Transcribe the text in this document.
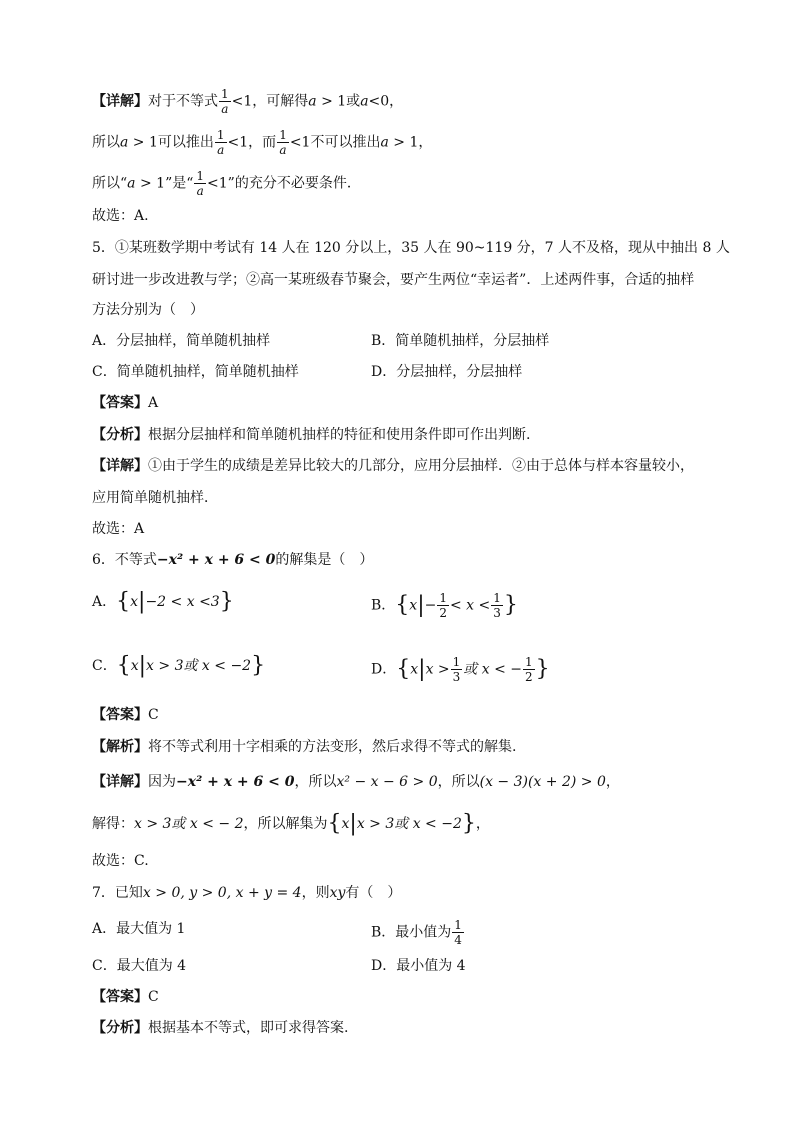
【详解】对于不等式 $\frac{1}{a} <1$，可解得a > 1或a<0，
所以a > 1可以推出 $\frac{1}{a} <1$，而 $\frac{1}{a} <1$不可以推出a > 1，
所以“a > 1”是“ $\frac{1}{a} <1$”的充分不必要条件．
故选：A.
5．①某班数学期中考试有 14 人在 120 分以上，35 人在 90~119 分，7 人不及格，现从中抽出 8 人
研讨进一步改进教与学；②高一某班级春节聚会，要产生两位“幸运者”．上述两件事，合适的抽样
方法分别为（　）
A．分层抽样，简单随机抽样	B．简单随机抽样，分层抽样
C．简单随机抽样，简单随机抽样	D．分层抽样，分层抽样
【答案】A
【分析】根据分层抽样和简单随机抽样的特征和使用条件即可作出判断.
【详解】①由于学生的成绩是差异比较大的几部分，应用分层抽样．②由于总体与样本容量较小，
应用简单随机抽样．
故选：A
6．不等式−x² + x + 6 < 0的解集是（　）
A．{x|−2 < x <3}	B．{$x|- \frac{1}{2} < x < \frac{1}{3}$ }
C．{x|x > 3或 x < −2}	D．{$x|x > \frac{1}{3}$ 或 x < − $\frac{1}{2}$ }
【答案】C
【解析】将不等式利用十字相乘的方法变形，然后求得不等式的解集.
【详解】因为−x² + x + 6 < 0，所以x² − x − 6 > 0，所以(x − 3)(x + 2) > 0，
解得：x > 3或 x < − 2，所以解集为{x|x > 3或 x < −2}，
故选：C.
7．已知x > 0, y > 0, x + y = 4，则xy有（　）
A．最大值为 1	B．最小值为 $\frac{1}{4}$
C．最大值为 4	D．最小值为 4
【答案】C
【分析】根据基本不等式，即可求得答案.
